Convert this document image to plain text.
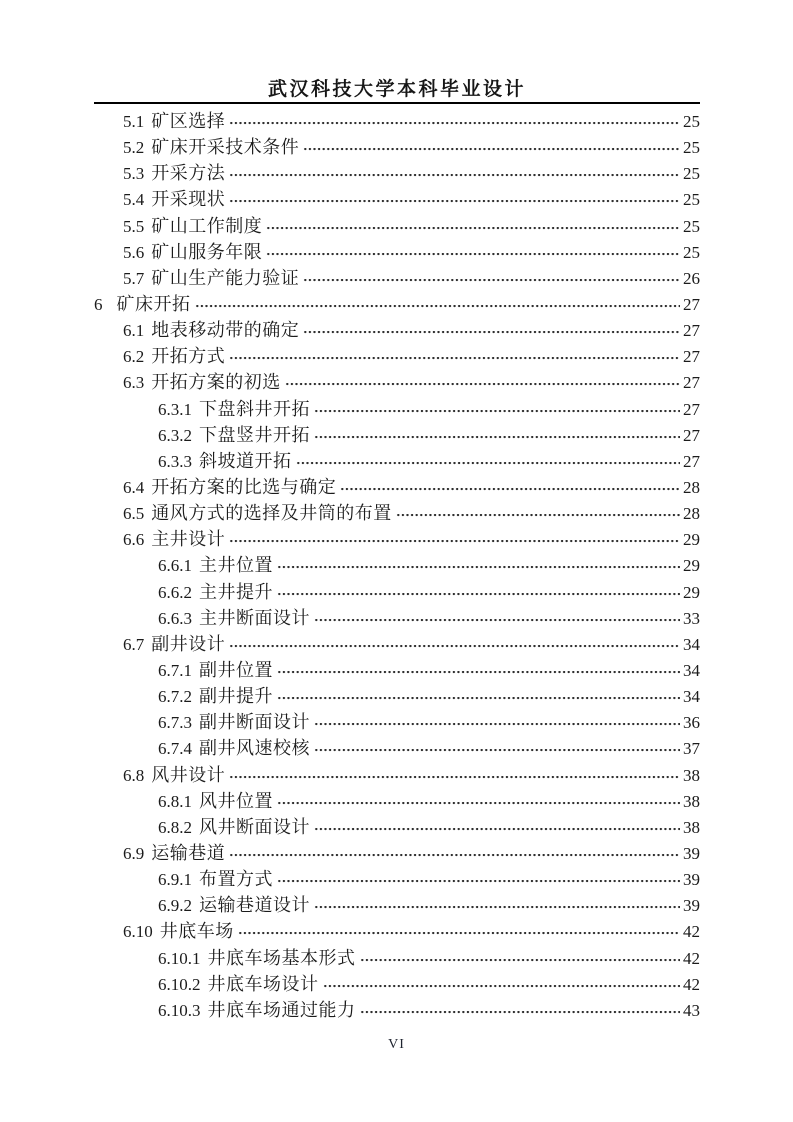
武汉科技大学本科毕业设计
5.1 矿区选择	25
5.2 矿床开采技术条件	25
5.3 开采方法	25
5.4 开采现状	25
5.5 矿山工作制度	25
5.6 矿山服务年限	25
5.7 矿山生产能力验证	26
6 矿床开拓	27
6.1 地表移动带的确定	27
6.2 开拓方式	27
6.3 开拓方案的初选	27
6.3.1 下盘斜井开拓	27
6.3.2 下盘竖井开拓	27
6.3.3 斜坡道开拓	27
6.4 开拓方案的比选与确定	28
6.5 通风方式的选择及井筒的布置	28
6.6 主井设计	29
6.6.1 主井位置	29
6.6.2 主井提升	29
6.6.3 主井断面设计	33
6.7 副井设计	34
6.7.1 副井位置	34
6.7.2 副井提升	34
6.7.3 副井断面设计	36
6.7.4 副井风速校核	37
6.8 风井设计	38
6.8.1 风井位置	38
6.8.2 风井断面设计	38
6.9 运输巷道	39
6.9.1 布置方式	39
6.9.2 运输巷道设计	39
6.10 井底车场	42
6.10.1 井底车场基本形式	42
6.10.2 井底车场设计	42
6.10.3 井底车场通过能力	43
VI
